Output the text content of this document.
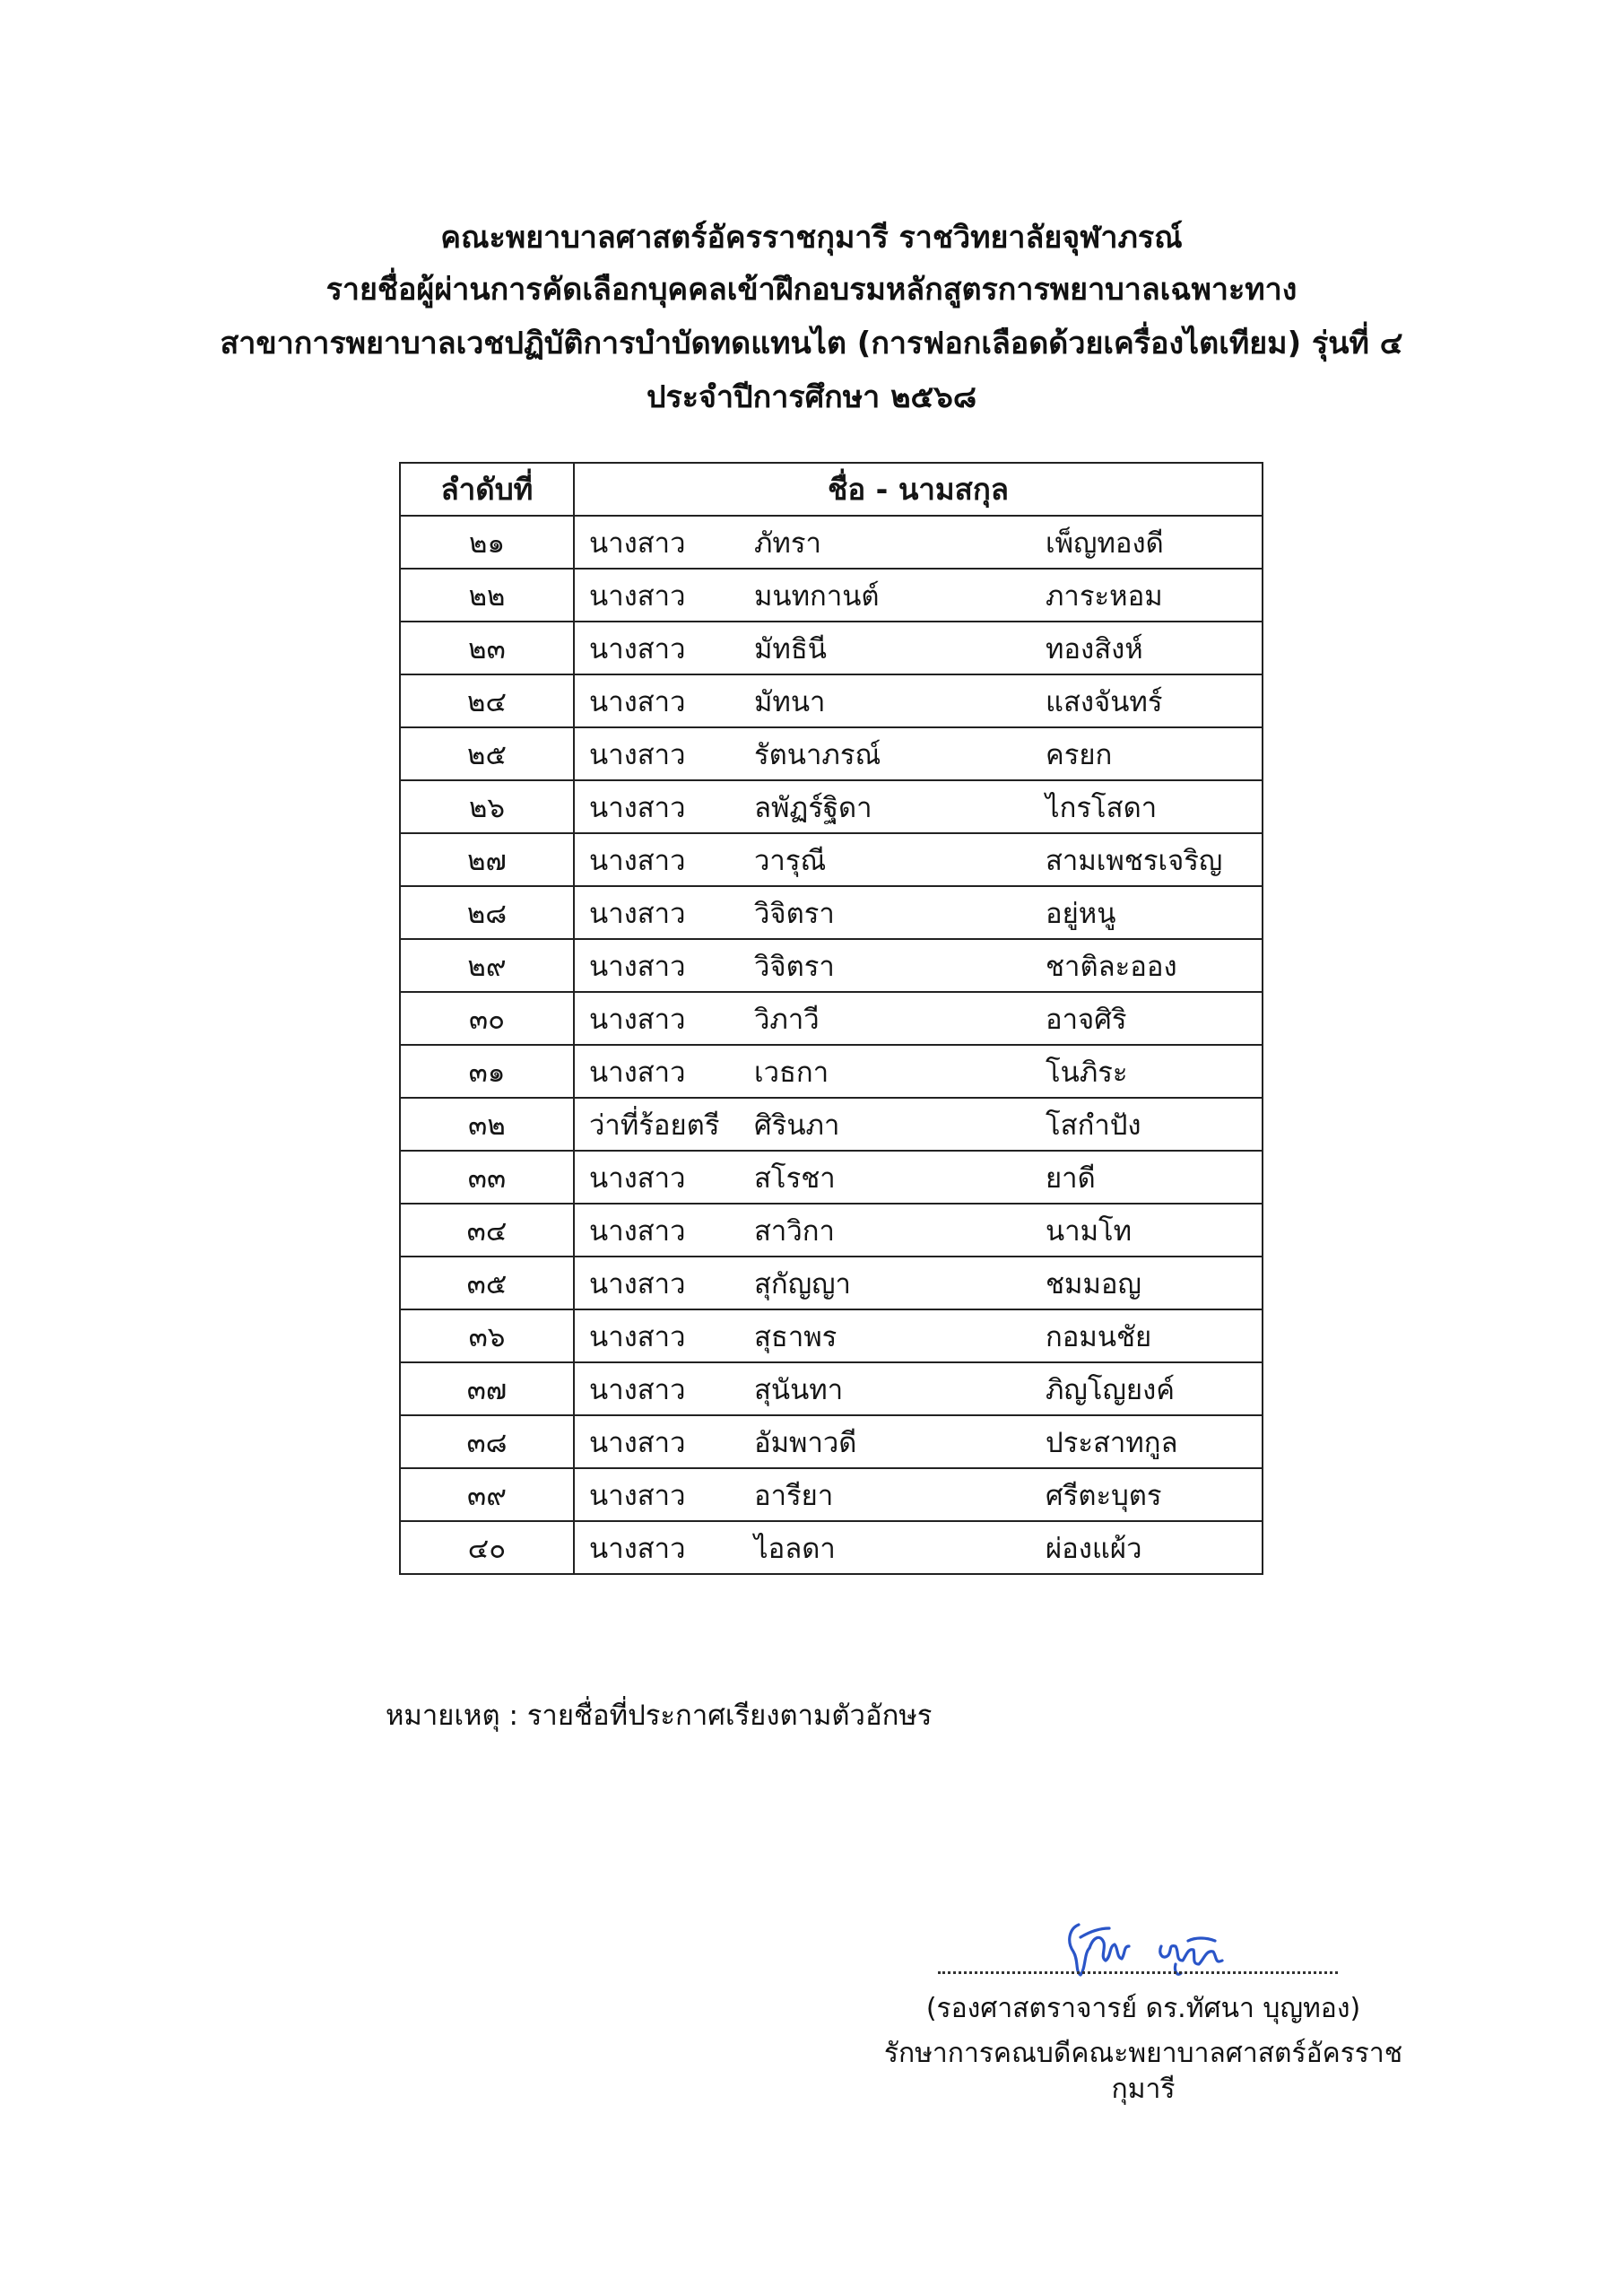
คณะพยาบาลศาสตร์อัครราชกุมารี ราชวิทยาลัยจุฬาภรณ์
รายชื่อผู้ผ่านการคัดเลือกบุคคลเข้าฝึกอบรมหลักสูตรการพยาบาลเฉพาะทาง
สาขาการพยาบาลเวชปฏิบัติการบำบัดทดแทนไต (การฟอกเลือดด้วยเครื่องไตเทียม) รุ่นที่ ๔
ประจำปีการศึกษา ๒๕๖๘
ลำดับที่	ชื่อ - นามสกุล
๒๑	นางสาว ภัทรา เพ็ญทองดี

๒๒	นางสาว มนทกานต์ ภาระหอม

๒๓	นางสาว มัทธินี ทองสิงห์

๒๔	นางสาว มัทนา แสงจันทร์

๒๕	นางสาว รัตนาภรณ์ ครยก

๒๖	นางสาว ลพัฏร์ฐิดา ไกรโสดา

๒๗	นางสาว วารุณี สามเพชรเจริญ

๒๘	นางสาว วิจิตรา อยู่หนู

๒๙	นางสาว วิจิตรา ชาติละออง

๓๐	นางสาว วิภาวี อาจศิริ

๓๑	นางสาว เวธกา โนภิระ

๓๒	ว่าที่ร้อยตรี ศิรินภา โสกำปัง

๓๓	นางสาว สโรชา ยาดี

๓๔	นางสาว สาวิกา นามโท

๓๕	นางสาว สุกัญญา ชมมอญ

๓๖	นางสาว สุธาพร กอมนชัย

๓๗	นางสาว สุนันทา ภิญโญยงค์

๓๘	นางสาว อัมพาวดี ประสาทกูล

๓๙	นางสาว อารียา ศรีตะบุตร

๔๐	นางสาว ไอลดา ผ่องแผ้ว
หมายเหตุ : รายชื่อที่ประกาศเรียงตามตัวอักษร
(รองศาสตราจารย์ ดร.ทัศนา บุญทอง)
รักษาการคณบดีคณะพยาบาลศาสตร์อัครราชกุมารี
